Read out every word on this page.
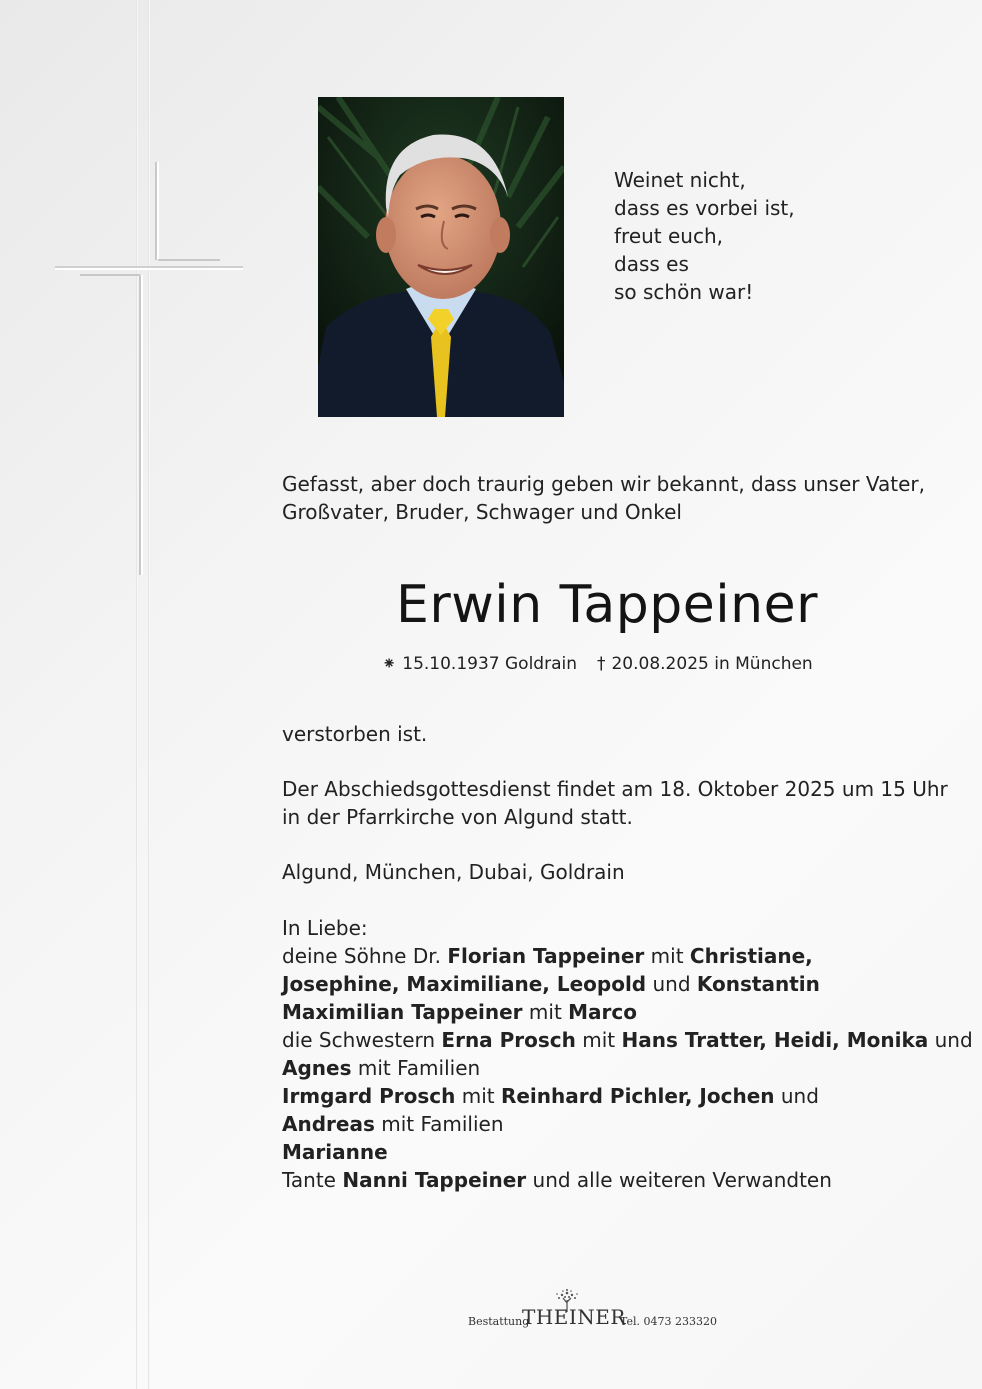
Weinet nicht,
dass es vorbei ist,
freut euch,
dass es
so schön war!
Gefasst, aber doch traurig geben wir bekannt, dass unser Vater,
Großvater, Bruder, Schwager und Onkel
Erwin Tappeiner
⁕ 15.10.1937 Goldrain † 20.08.2025 in München
verstorben ist.
Der Abschiedsgottesdienst findet am 18. Oktober 2025 um 15 Uhr
in der Pfarrkirche von Algund statt.
Algund, München, Dubai, Goldrain
In Liebe:
deine Söhne Dr. Florian Tappeiner mit Christiane,
Josephine, Maximiliane, Leopold und Konstantin
Maximilian Tappeiner mit Marco
die Schwestern Erna Prosch mit Hans Tratter, Heidi, Monika und
Agnes mit Familien
Irmgard Prosch mit Reinhard Pichler, Jochen und
Andreas mit Familien
Marianne
Tante Nanni Tappeiner und alle weiteren Verwandten
Bestattung
THEINER
Tel. 0473 233320
